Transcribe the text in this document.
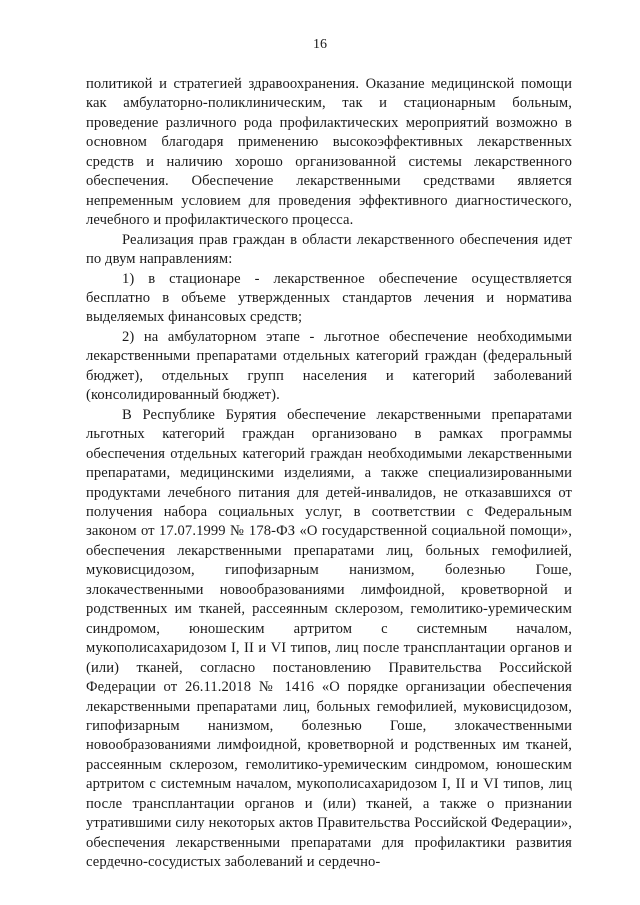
16

политикой и стратегией здравоохранения. Оказание медицинской помощи как амбулаторно-поликлиническим, так и стационарным больным, проведение различного рода профилактических мероприятий возможно в основном благодаря применению высокоэффективных лекарственных средств и наличию хорошо организованной системы лекарственного обеспечения. Обеспечение лекарственными средствами является непременным условием для проведения эффективного диагностического, лечебного и профилактического процесса.

Реализация прав граждан в области лекарственного обеспечения идет по двум направлениям:

1) в стационаре - лекарственное обеспечение осуществляется бесплатно в объеме утвержденных стандартов лечения и норматива выделяемых финансовых средств;

2) на амбулаторном этапе - льготное обеспечение необходимыми лекарственными препаратами отдельных категорий граждан (федеральный бюджет), отдельных групп населения и категорий заболеваний (консолидированный бюджет).

В Республике Бурятия обеспечение лекарственными препаратами льготных категорий граждан организовано в рамках программы обеспечения отдельных категорий граждан необходимыми лекарственными препаратами, медицинскими изделиями, а также специализированными продуктами лечебного питания для детей-инвалидов, не отказавшихся от получения набора социальных услуг, в соответствии с Федеральным законом от 17.07.1999 № 178-ФЗ «О государственной социальной помощи», обеспечения лекарственными препаратами лиц, больных гемофилией, муковисцидозом, гипофизарным нанизмом, болезнью Гоше, злокачественными новообразованиями лимфоидной, кроветворной и родственных им тканей, рассеянным склерозом, гемолитико-уремическим синдромом, юношеским артритом с системным началом, мукополисахаридозом I, II и VI типов, лиц после трансплантации органов и (или) тканей, согласно постановлению Правительства Российской Федерации от 26.11.2018 № 1416 «О порядке организации обеспечения лекарственными препаратами лиц, больных гемофилией, муковисцидозом, гипофизарным нанизмом, болезнью Гоше, злокачественными новообразованиями лимфоидной, кроветворной и родственных им тканей, рассеянным склерозом, гемолитико-уремическим синдромом, юношеским артритом с системным началом, мукополисахаридозом I, II и VI типов, лиц после трансплантации органов и (или) тканей, а также о признании утратившими силу некоторых актов Правительства Российской Федерации», обеспечения лекарственными препаратами для профилактики развития сердечно-сосудистых заболеваний и сердечно-
